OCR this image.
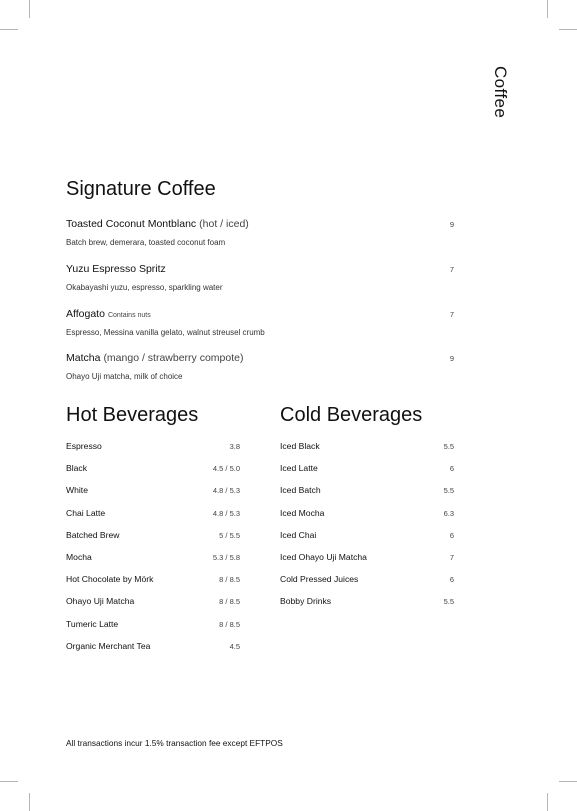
Coffee
Signature Coffee
Toasted Coconut Montblanc (hot / iced)	9
Batch brew, demerara, toasted coconut foam
Yuzu Espresso Spritz	7
Okabayashi yuzu, espresso, sparkling water
Affogato Contains nuts	7
Espresso, Messina vanilla gelato, walnut streusel crumb
Matcha (mango / strawberry compote)	9
Ohayo Uji matcha, milk of choice
Hot Beverages
Espresso	3.8
Black	4.5 / 5.0
White	4.8 / 5.3
Chai Latte	4.8 / 5.3
Batched Brew	5 / 5.5
Mocha	5.3 / 5.8
Hot Chocolate by Mörk	8 / 8.5
Ohayo Uji Matcha	8 / 8.5
Tumeric Latte	8 / 8.5
Organic Merchant Tea	4.5
Cold Beverages
Iced Black	5.5
Iced Latte	6
Iced Batch	5.5
Iced Mocha	6.3
Iced Chai	6
Iced Ohayo Uji Matcha	7
Cold Pressed Juices	6
Bobby Drinks	5.5
All transactions incur 1.5% transaction fee except EFTPOS
